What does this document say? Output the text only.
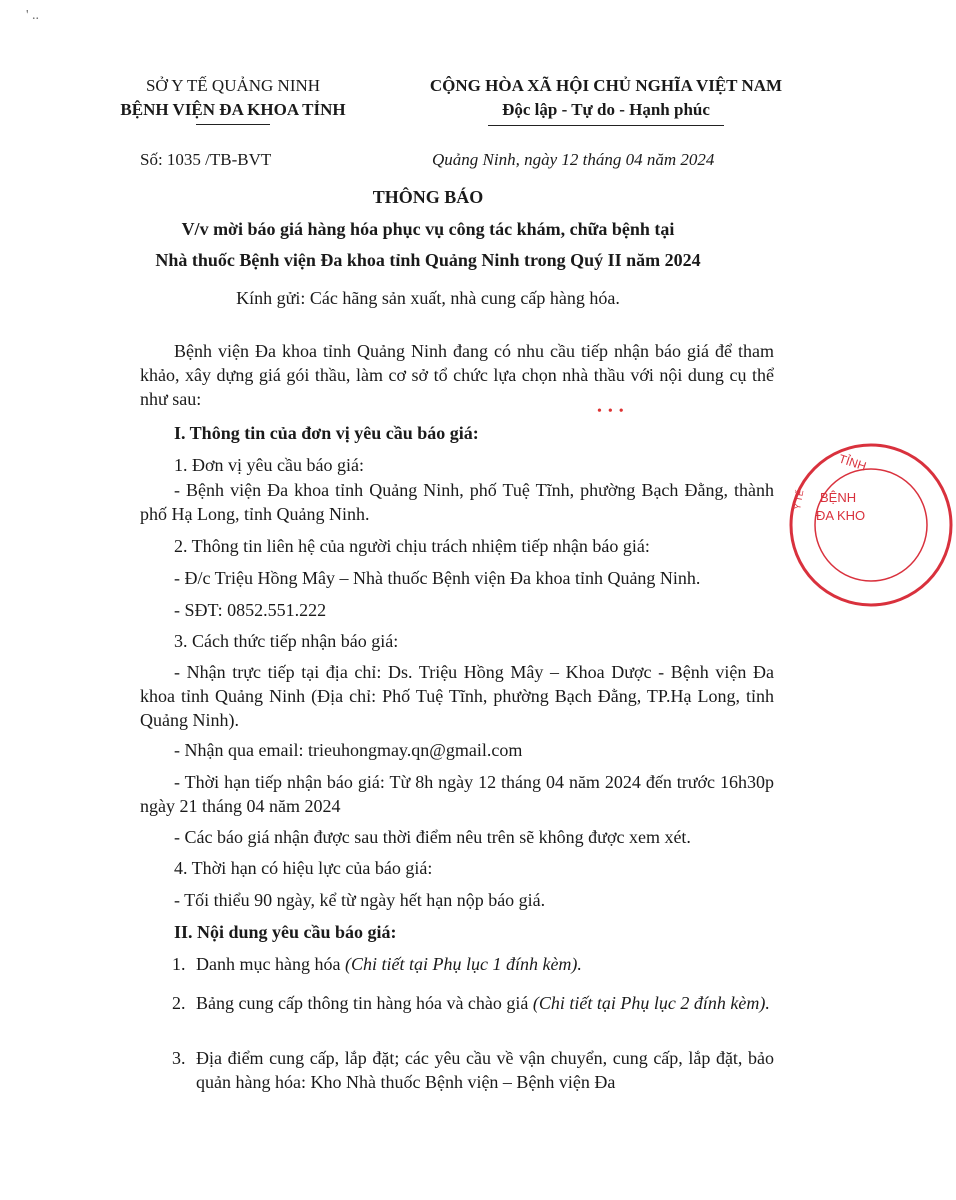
' ..
SỞ Y TẾ QUẢNG NINH
BỆNH VIỆN ĐA KHOA TỈNH
CỘNG HÒA XÃ HỘI CHỦ NGHĨA VIỆT NAM
Độc lập - Tự do - Hạnh phúc
Số: 1035 /TB-BVT	Quảng Ninh, ngày 12 tháng 04 năm 2024
THÔNG BÁO
V/v mời báo giá hàng hóa phục vụ công tác khám, chữa bệnh tại
Nhà thuốc Bệnh viện Đa khoa tỉnh Quảng Ninh trong Quý II năm 2024
Kính gửi: Các hãng sản xuất, nhà cung cấp hàng hóa.
Bệnh viện Đa khoa tỉnh Quảng Ninh đang có nhu cầu tiếp nhận báo giá để tham khảo, xây dựng giá gói thầu, làm cơ sở tổ chức lựa chọn nhà thầu với nội dung cụ thể như sau:
•••
I. Thông tin của đơn vị yêu cầu báo giá:
1. Đơn vị yêu cầu báo giá:
- Bệnh viện Đa khoa tỉnh Quảng Ninh, phố Tuệ Tĩnh, phường Bạch Đằng, thành phố Hạ Long, tỉnh Quảng Ninh.
2. Thông tin liên hệ của người chịu trách nhiệm tiếp nhận báo giá:
- Đ/c Triệu Hồng Mây – Nhà thuốc Bệnh viện Đa khoa tỉnh Quảng Ninh.
- SĐT: 0852.551.222
3. Cách thức tiếp nhận báo giá:
- Nhận trực tiếp tại địa chỉ: Ds. Triệu Hồng Mây – Khoa Dược - Bệnh viện Đa khoa tỉnh Quảng Ninh (Địa chỉ: Phố Tuệ Tĩnh, phường Bạch Đằng, TP.Hạ Long, tỉnh Quảng Ninh).
- Nhận qua email: trieuhongmay.qn@gmail.com
- Thời hạn tiếp nhận báo giá: Từ 8h ngày 12 tháng 04 năm 2024 đến trước 16h30p ngày 21 tháng 04 năm 2024
- Các báo giá nhận được sau thời điểm nêu trên sẽ không được xem xét.
4. Thời hạn có hiệu lực của báo giá:
- Tối thiểu 90 ngày, kể từ ngày hết hạn nộp báo giá.
II. Nội dung yêu cầu báo giá:
1. Danh mục hàng hóa (Chi tiết tại Phụ lục 1 đính kèm).
2. Bảng cung cấp thông tin hàng hóa và chào giá (Chi tiết tại Phụ lục 2 đính kèm).
3. Địa điểm cung cấp, lắp đặt; các yêu cầu về vận chuyển, cung cấp, lắp đặt, bảo quản hàng hóa: Kho Nhà thuốc Bệnh viện – Bệnh viện Đa
TỈNH
BỆNH
ĐA KHO
Y TẾ
